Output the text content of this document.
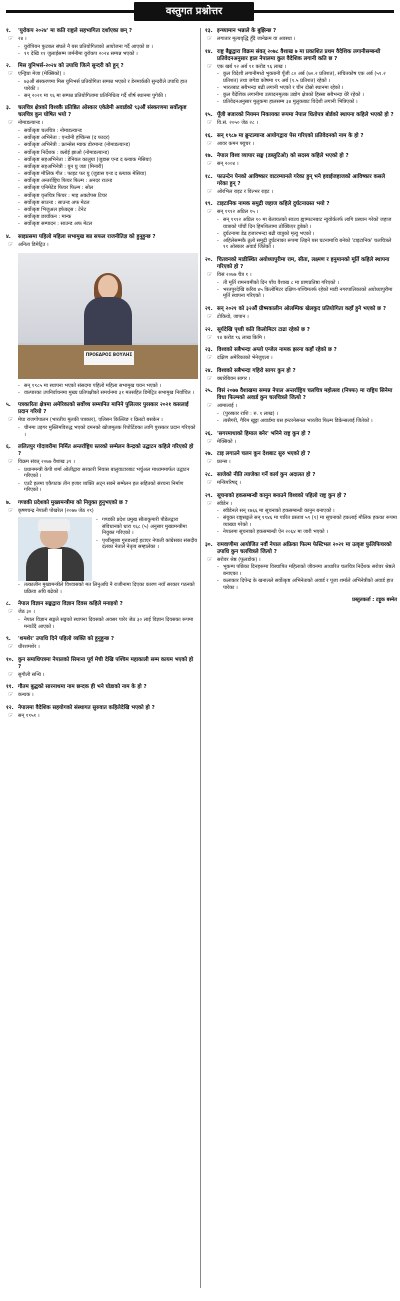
वस्तुगत प्रश्नोत्तर
१.	'युरोकप २०२४' मा कति राष्ट्रले सहभागिता दर्शाएका छन् ?
☞ २४ ।
- युरोपियन फुटबल संघले नै यस प्रतियोगिताको आयोजना गर्दै आएको छ ।
- ११ देखि ११ जुलाईसम्म जर्मनीमा युरोकप २०२४ सम्पन्न भएको ।
२.	मिस युनिभर्स-२०२४ को उपाधि जित्ने सुन्दरी को हुन् ?
☞ एन्ड्रिया मेजा (मेक्सिको) ।
- ७३औं संस्करणमा मिस युनिभर्स प्रतियोगिता सम्पन्न भएको र डेनमार्ककी सुन्दरीले उपाधि हात पारेकी ।
- सन् २०२१ मा १६ मा सम्पन्न प्रतियोगितामा प्रतिनिधित्व गर्दै शीर्ष स्थानमा पुगेकी ।
३.	चलचित्र क्षेत्रको विश्वकै प्रतिष्ठित ओस्कार एकेडेमी अवार्डको ९३औं संस्करणमा सर्वोत्कृष्ट चलचित्र कुन घोषित भयो ?
☞ नोमाडल्यान्ड ।
- सर्वोत्कृष्ट चलचित्र : नोमाडल्यान्ड
- सर्वोत्कृष्ट अभिनेता : एन्थोनी हप्किन्स (द फादर)
- सर्वोत्कृष्ट अभिनेत्री : फ्रान्सेस म्याक डोरमान्ड (नोमाडल्यान्ड)
- सर्वोत्कृष्ट निर्देशक : क्लोई झाओ (नोमाडल्यान्ड)
- सर्वोत्कृष्ट सहअभिनेता : डेनियल कालुया (जुडास एन्ड द ब्ल्याक मेसिया)
- सर्वोत्कृष्ट सहअभिनेत्री : युन यु जङ (मिनारी)
- सर्वोत्कृष्ट मौलिक गीत : फाइट फर यु (जुडास एन्ड द ब्ल्याक मेसिया)
- सर्वोत्कृष्ट अन्तर्राष्ट्रिय फिचर फिल्म : अनदर राउन्ड
- सर्वोत्कृष्ट एनिमेटेड फिचर फिल्म : सोल
- सर्वोत्कृष्ट वृत्तचित्र फिचर : माइ अक्टोपस टिचर
- सर्वोत्कृष्ट साउन्ड : साउन्ड अफ मेटल
- सर्वोत्कृष्ट भिजुअल इफेक्ट्स : टेनेट
- सर्वोत्कृष्ट छायाँकन : मान्क
- सर्वोत्कृष्ट सम्पादन : साउन्ड अफ मेटल
४.	साइप्रसमा पहिलो महिला सभामुख बन्न सफल राजनीतिज्ञ को हुनुहुन्छ ?
☞ अनिता डिमेट्रिउ ।
ΠΡΟΕΔΡΟΣ ΒΟΥΛΗΣ
- सन् १९८५ मा स्थापना भएको संसदमा पहिलो महिला सभामुख चयन भएको ।
- वाल्पारका उपनिर्वाचनमा मुख्य प्रतिपक्षीको समर्थनमा ३१ मतसहित डिमेट्रिउ सभामुख निर्वाचित ।
५.	पत्रकारिता क्षेत्रमा अमेरिकाको सर्वोच्च सम्मानित मानिने पुलित्जर पुरस्कार २०२१ कसलाई प्रदान गरियो ?
☞ मेघा राजगोपालन (भारतीय मूलकी पत्रकार), एलिसन किल्लिङ र क्रिस्टो बसकेन ।
- चीनमा उइगर मुस्लिमविरुद्ध भएको दमनको खोजमूलक रिपोर्टिङका लागि पुरस्कार प्रदान गरिएको ।
६.	ललितपुर गोदावरीमा निर्मित अन्तर्राष्ट्रिय स्तरको सम्मेलन केन्द्रको उद्घाटन कहिले गरिएको हो ?
☞ विक्रम संवत् २०७७ वैशाख ३१ ।
- प्रधानमन्त्री केपी शर्मा ओलीद्वारा सरकारी निवास बालुवाटारबाट भर्चुअल माध्यममार्फत उद्घाटन गरिएको ।
- एउटै हलमा एकैपटक तीन हजार व्यक्ति अट्न सक्ने सम्मेलन हल सहितको संरचना निर्माण गरिएको ।
७.	गण्डकी प्रदेशको मुख्यमन्त्रीमा को नियुक्त हुनुभएको छ ?
☞ कृष्णचन्द्र नेपाली पोखरेल (२०७७ जेठ २९)
- गण्डकी प्रदेश प्रमुख सीताकुमारी पौडेलद्वारा संविधानको धारा १६८ (५) अनुसार मुख्यमन्त्रीमा नियुक्त गरिएको ।
- पृथ्वीसुब्बा गुरुङलाई हटाएर नेपाली कांग्रेसका संसदीय दलका नेताले नेतृत्व सम्हालेका ।
- तत्कालीन मुख्यमन्त्रीले विश्वासको मत लिनुअघि नै राजीनामा दिएका कारण नयाँ सरकार गठनको प्रक्रिया अघि बढेको ।
८.	नेपाल विज्ञान सङ्घद्वारा विज्ञान दिवस कहिले मनाइयो ?
☞ जेठ ३० ।
- नेपाल विज्ञान सङ्घले सङ्घको स्थापना दिवसको अवसर पारेर जेठ ३० लाई विज्ञान दिवसका रूपमा मनाउँदै आएको ।
९.	'शमशेर' उपाधि दिने पहिलो व्यक्ति को हुनुहुन्छ ?
☞ धीरशमशेर ।
१०. कुन समाधिपत्रमा नेपालको सिमाना पूर्व मेची देखि पश्चिम महाकाली सम्म कायम भएको हो ?
☞ सुगौली सन्धि ।
११. गौतम बुद्धको सारनाथमा नाम छन्दक ही भने घोडाको नाम के हो ?
☞ कन्थक ।
१२. नेपालमा वैदेशिक सहयोगको संस्थागत सुरुवात कहिलेदेखि भएको हो ?
☞ सन् १९५१ ।
१३. इन्च्यामान भन्नाले के बुझिन्छ ?
☞ लगातार मूल्यवृद्धि हुँदै जानेक्रम वा अवस्था ।
१४. राष्ट्र बैङ्कद्वारा विक्रम संवत् २०७८ वैशाख ७ मा प्रकाशित प्रथम वैदेशिक लगानीसम्बन्धी प्रतिवेदनअनुसार हाल नेपालमा कुल वैदेशिक लगानी कति छ ?
☞ एक खर्ब ९२ अर्ब ११ करोड ९६ लाख ।
- कुल विदेशी लगानीमध्ये भुक्तानी पूँजी ८० अर्ब (७०.२ प्रतिशत), संचितकोष एक अर्ब (५१.२ प्रतिशत) तथा जगेडा कोषमा १९ अर्ब (१.५ प्रतिशत) रहेको ।
- भारतबाट सबैभन्दा बढी लगानी भएको र चीन दोस्रो स्थानमा रहेको ।
- कुल वैदेशिक लगानीमा उत्पादनमूलक उद्योग क्षेत्रको हिस्सा सबैभन्दा धेरै रहेको ।
- प्रतिवेदनअनुसार मुलुकमा हालसम्म ३४ मुलुकबाट विदेशी लगानी भित्रिएको ।
१५. पूँजी बजारको नियमन निकायका रूपमा नेपाल धितोपत्र बोर्डको स्थापना कहिले भएको हो ?
☞ वि.सं. २०५० जेठ २८ ।
१६. सन् १९८७ मा ब्रुन्टल्यान्ड आयोगद्वारा पेस गरिएको प्रतिवेदनको नाम के हो ?
☞ आवर कमन फ्युचर ।
१७. नेपाल विश्व व्यापार सङ्घ (डब्लुटिओ) को सदस्य कहिले भएको हो ?
☞ सन् २००४ ।
१८. फाउन्टेन पेनको आविष्कार वाटरम्यानले गरेका हुन् भने हवाईजहाजको आविष्कार कसले गरेका हुन् ?
☞ ओरभिल राइट र विल्भर राइट ।
१९. टाइटानिक नामक समुद्री जहाज कहिले दुर्घटनाग्रस्त भयो ?
☞ सन् १९१२ अप्रिल १५ ।
- सन् १९१२ अप्रिल १० मा बेलायतको साउथ ह्याम्पटनबाट न्युयोर्कतर्फ लागि प्रस्थान गरेको जहाज यात्राको पाँचौं दिन हिमशिलामा ठोक्किएर डुबेको ।
- दुर्घटनामा डेढ हजारभन्दा बढी यात्रुको मृत्यु भएको ।
- अहिलेसम्मकै ठूलो समुद्री दुर्घटनाका रूपमा लिइने यस घटनामाथि बनेको 'टाइटानिक' चलचित्रले ११ ओस्कार अवार्ड जितेको ।
२०. चितवनको माडीस्थित अयोध्यापुरीमा राम, सीता, लक्ष्मण र हनुमानको मूर्ति कहिले स्थापना गरिएको हो ?
☞ विसं २०७७ चैत्र १ ।
- ती मूर्ति रामनवमीको दिन पाँच वैशाख ८ मा प्राणप्रतिष्ठा गरिएको ।
- भरतपुरदेखि करिब ४५ किलोमिटर दक्षिण-पश्चिमतर्फ रहेको माडी नगरपालिकाको अयोध्यापुरीमा मूर्ति स्थापना गरिएको ।
२१. सन् २०२१ को ३२औं ग्रीष्मकालीन ओलम्पिक खेलकुद प्रतियोगिता कहाँ हुने भएको छ ?
☞ टोकियो, जापान ।
२२. सूर्यदेखि पृथ्वी कति किलोमिटर टाढा रहेको छ ?
☞ १४ करोड ९६ लाख किमि ।
२३. विश्वको सबैभन्दा अग्लो एन्जेल नामक झरना कहाँ रहेको छ ?
☞ दक्षिण अमेरिकाको भेनेजुएला ।
२४. विश्वको सबैभन्दा गहिरो सागर कुन हो ?
☞ क्यारेबियन सागर ।
२५. विसं २०७७ वैशाखमा सम्पन्न नेपाल अन्तर्राष्ट्रिय चलचित्र महोत्सव (निफ्फ) मा राष्ट्रिय सिनेमा विधा फिल्मको अवार्ड कुन चलचित्रले जित्यो ?
☞ आमालाई ।
- (पुरस्कार राशि : रु. १ लाख) ।
- त्यसैगरी, गैरिम खुट्टा अवार्डमा यस इन्टरनेसनल भारतीय फिल्म डिकेन्सलाई जितेको ।
२६. 'सगरमाथाको हिमाल बनेर' भनिने राष्ट्र कुन हो ?
☞ मेक्सिको ।
२७. टाइ लगाउने चलन कुन देशबाट सुरु भएको हो ?
☞ फ्रान्स ।
२८. साजेको नीति त्याजेका गर्ने कार्य कुन अदालत हो ?
☞ मन्त्रिपरिषद् ।
२९. सूचनाको हकसम्बन्धी कानुन बनाउने विश्वको पहिलो राष्ट्र कुन हो ?
☞ स्वीडेन ।
- स्वीडेनले सन् १७६६ मा सूचनाको हकसम्बन्धी कानुन बनाएको ।
- संयुक्त राष्ट्रसङ्घले सन् १९४६ मा पारित प्रस्ताव ५९ (१) मा सूचनाको हकलाई मौलिक हकका रूपमा व्याख्या गरेको ।
- नेपालमा सूचनाको हकसम्बन्धी ऐन २०६४ मा जारी भएको ।
३०. रामवाणीमा आयोजित नवौं नेपाल अफ्रिका फिल्म फेस्टिभल २०२१ मा उत्कृष्ट फुलिफिचरको उपाधि कुन चलचित्रले जित्यो ?
☞ सरोवर श्रेष्ठ (फूलडोक) ।
- भूकम्प पछिका दिनहरूमा विस्थापित महिलाको जीवनमा आधारित चलचित्र निर्देशक सरोवर श्रेष्ठले बनाएका ।
- कलाकार दिपेन्द्र के खनालले सर्वोत्कृष्ट अभिनेताको अवार्ड र पूजा शर्माले अभिनेत्रीको अवार्ड हात पारेका ।
प्रस्तुतकर्ता : टट्टूक बस्नेत
